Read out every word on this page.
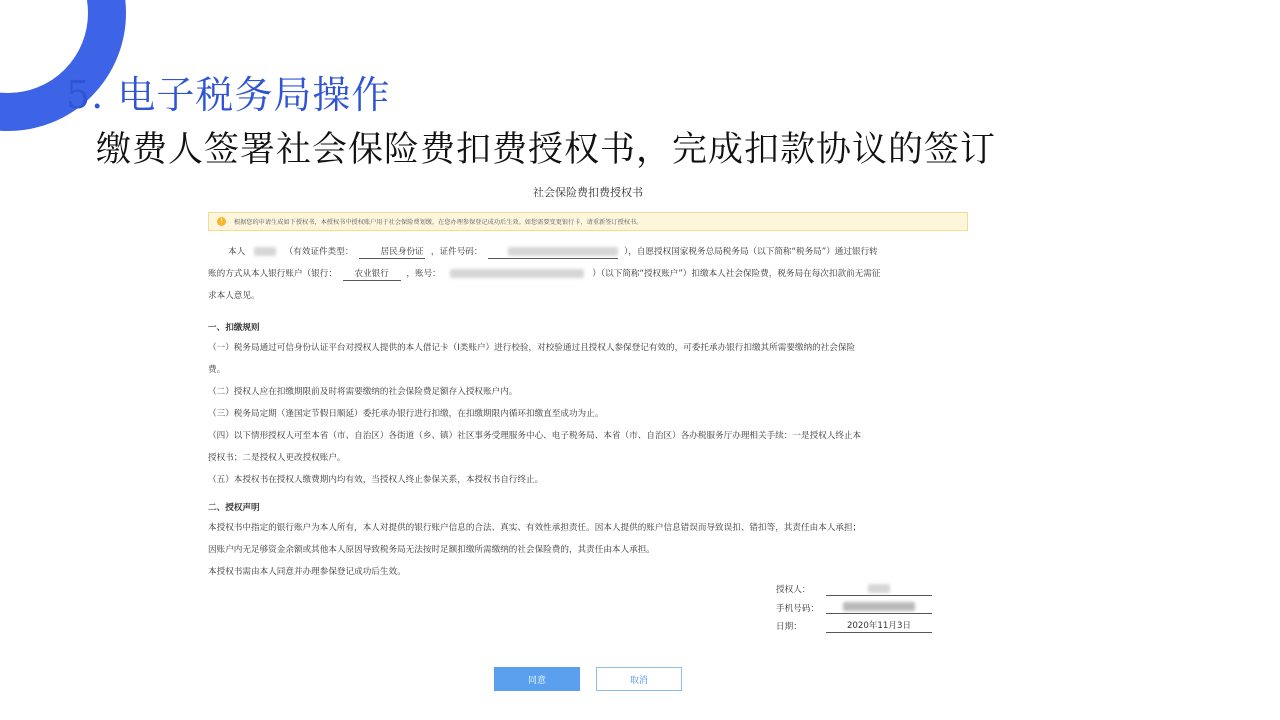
5. 电子税务局操作
缴费人签署社会保险费扣费授权书，完成扣款协议的签订
社会保险费扣费授权书
!	根据您的申请生成如下授权书，本授权书中授权账户用于社会保险费划缴，在您办理参保登记成功后生效。如您需要变更银行卡，请重新签订授权书。
本人	（有效证件类型：	居民身份证 ，证件号码：	），自愿授权国家税务总局税务局（以下简称“税务局”）通过银行转

账的方式从本人银行账户（银行： 农业银行 ，账号：	）（以下简称“授权账户”）扣缴本人社会保险费，税务局在每次扣款前无需征

求本人意见。

一、扣缴规则

（一）税务局通过可信身份认证平台对授权人提供的本人借记卡（I类账户）进行校验，对校验通过且授权人参保登记有效的，可委托承办银行扣缴其所需要缴纳的社会保险

费。

（二）授权人应在扣缴期限前及时将需要缴纳的社会保险费足额存入授权账户内。

（三）税务局定期（逢国定节假日顺延）委托承办银行进行扣缴，在扣缴期限内循环扣缴直至成功为止。

（四）以下情形授权人可至本省（市、自治区）各街道（乡、镇）社区事务受理服务中心、电子税务局、本省（市、自治区）各办税服务厅办理相关手续：一是授权人终止本

授权书；二是授权人更改授权账户。

（五）本授权书在授权人缴费期内均有效，当授权人终止参保关系，本授权书自行终止。

二、授权声明

本授权书中指定的银行账户为本人所有，本人对提供的银行账户信息的合法、真实、有效性承担责任。因本人提供的账户信息错误而导致误扣、错扣等，其责任由本人承担；

因账户内无足够资金余额或其他本人原因导致税务局无法按时足额扣缴所需缴纳的社会保险费的，其责任由本人承担。

本授权书需由本人同意并办理参保登记成功后生效。

授权人：
手机号码：
日期：	2020年11月3日
同意	取消
